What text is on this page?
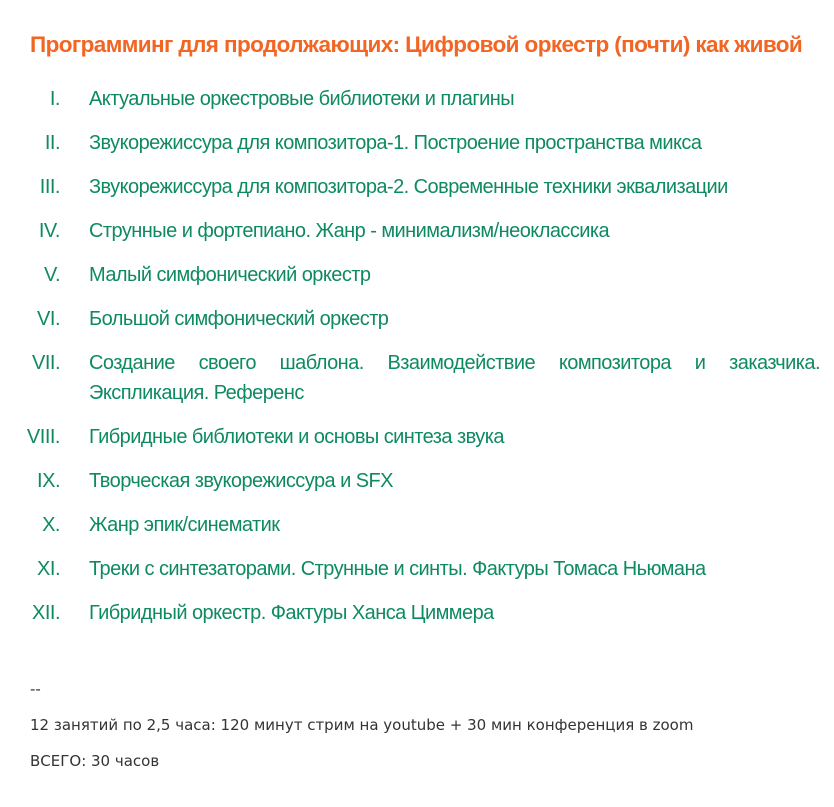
Программинг для продолжающих: Цифровой оркестр (почти) как живой
I. Актуальные оркестровые библиотеки и плагины
II. Звукорежиссура для композитора-1. Построение пространства микса
III. Звукорежиссура для композитора-2. Современные техники эквализации
IV. Струнные и фортепиано. Жанр - минимализм/неоклассика
V. Малый симфонический оркестр
VI. Большой симфонический оркестр
VII. Создание своего шаблона. Взаимодействие композитора и заказчика. Экспликация. Референс
VIII. Гибридные библиотеки и основы синтеза звука
IX. Творческая звукорежиссура и SFX
X. Жанр эпик/синематик
XI. Треки с синтезаторами. Струнные и синты. Фактуры Томаса Ньюмана
XII. Гибридный оркестр. Фактуры Ханса Циммера
--
12 занятий по 2,5 часа: 120 минут стрим на youtube + 30 мин конференция в zoom
ВСЕГО: 30 часов
